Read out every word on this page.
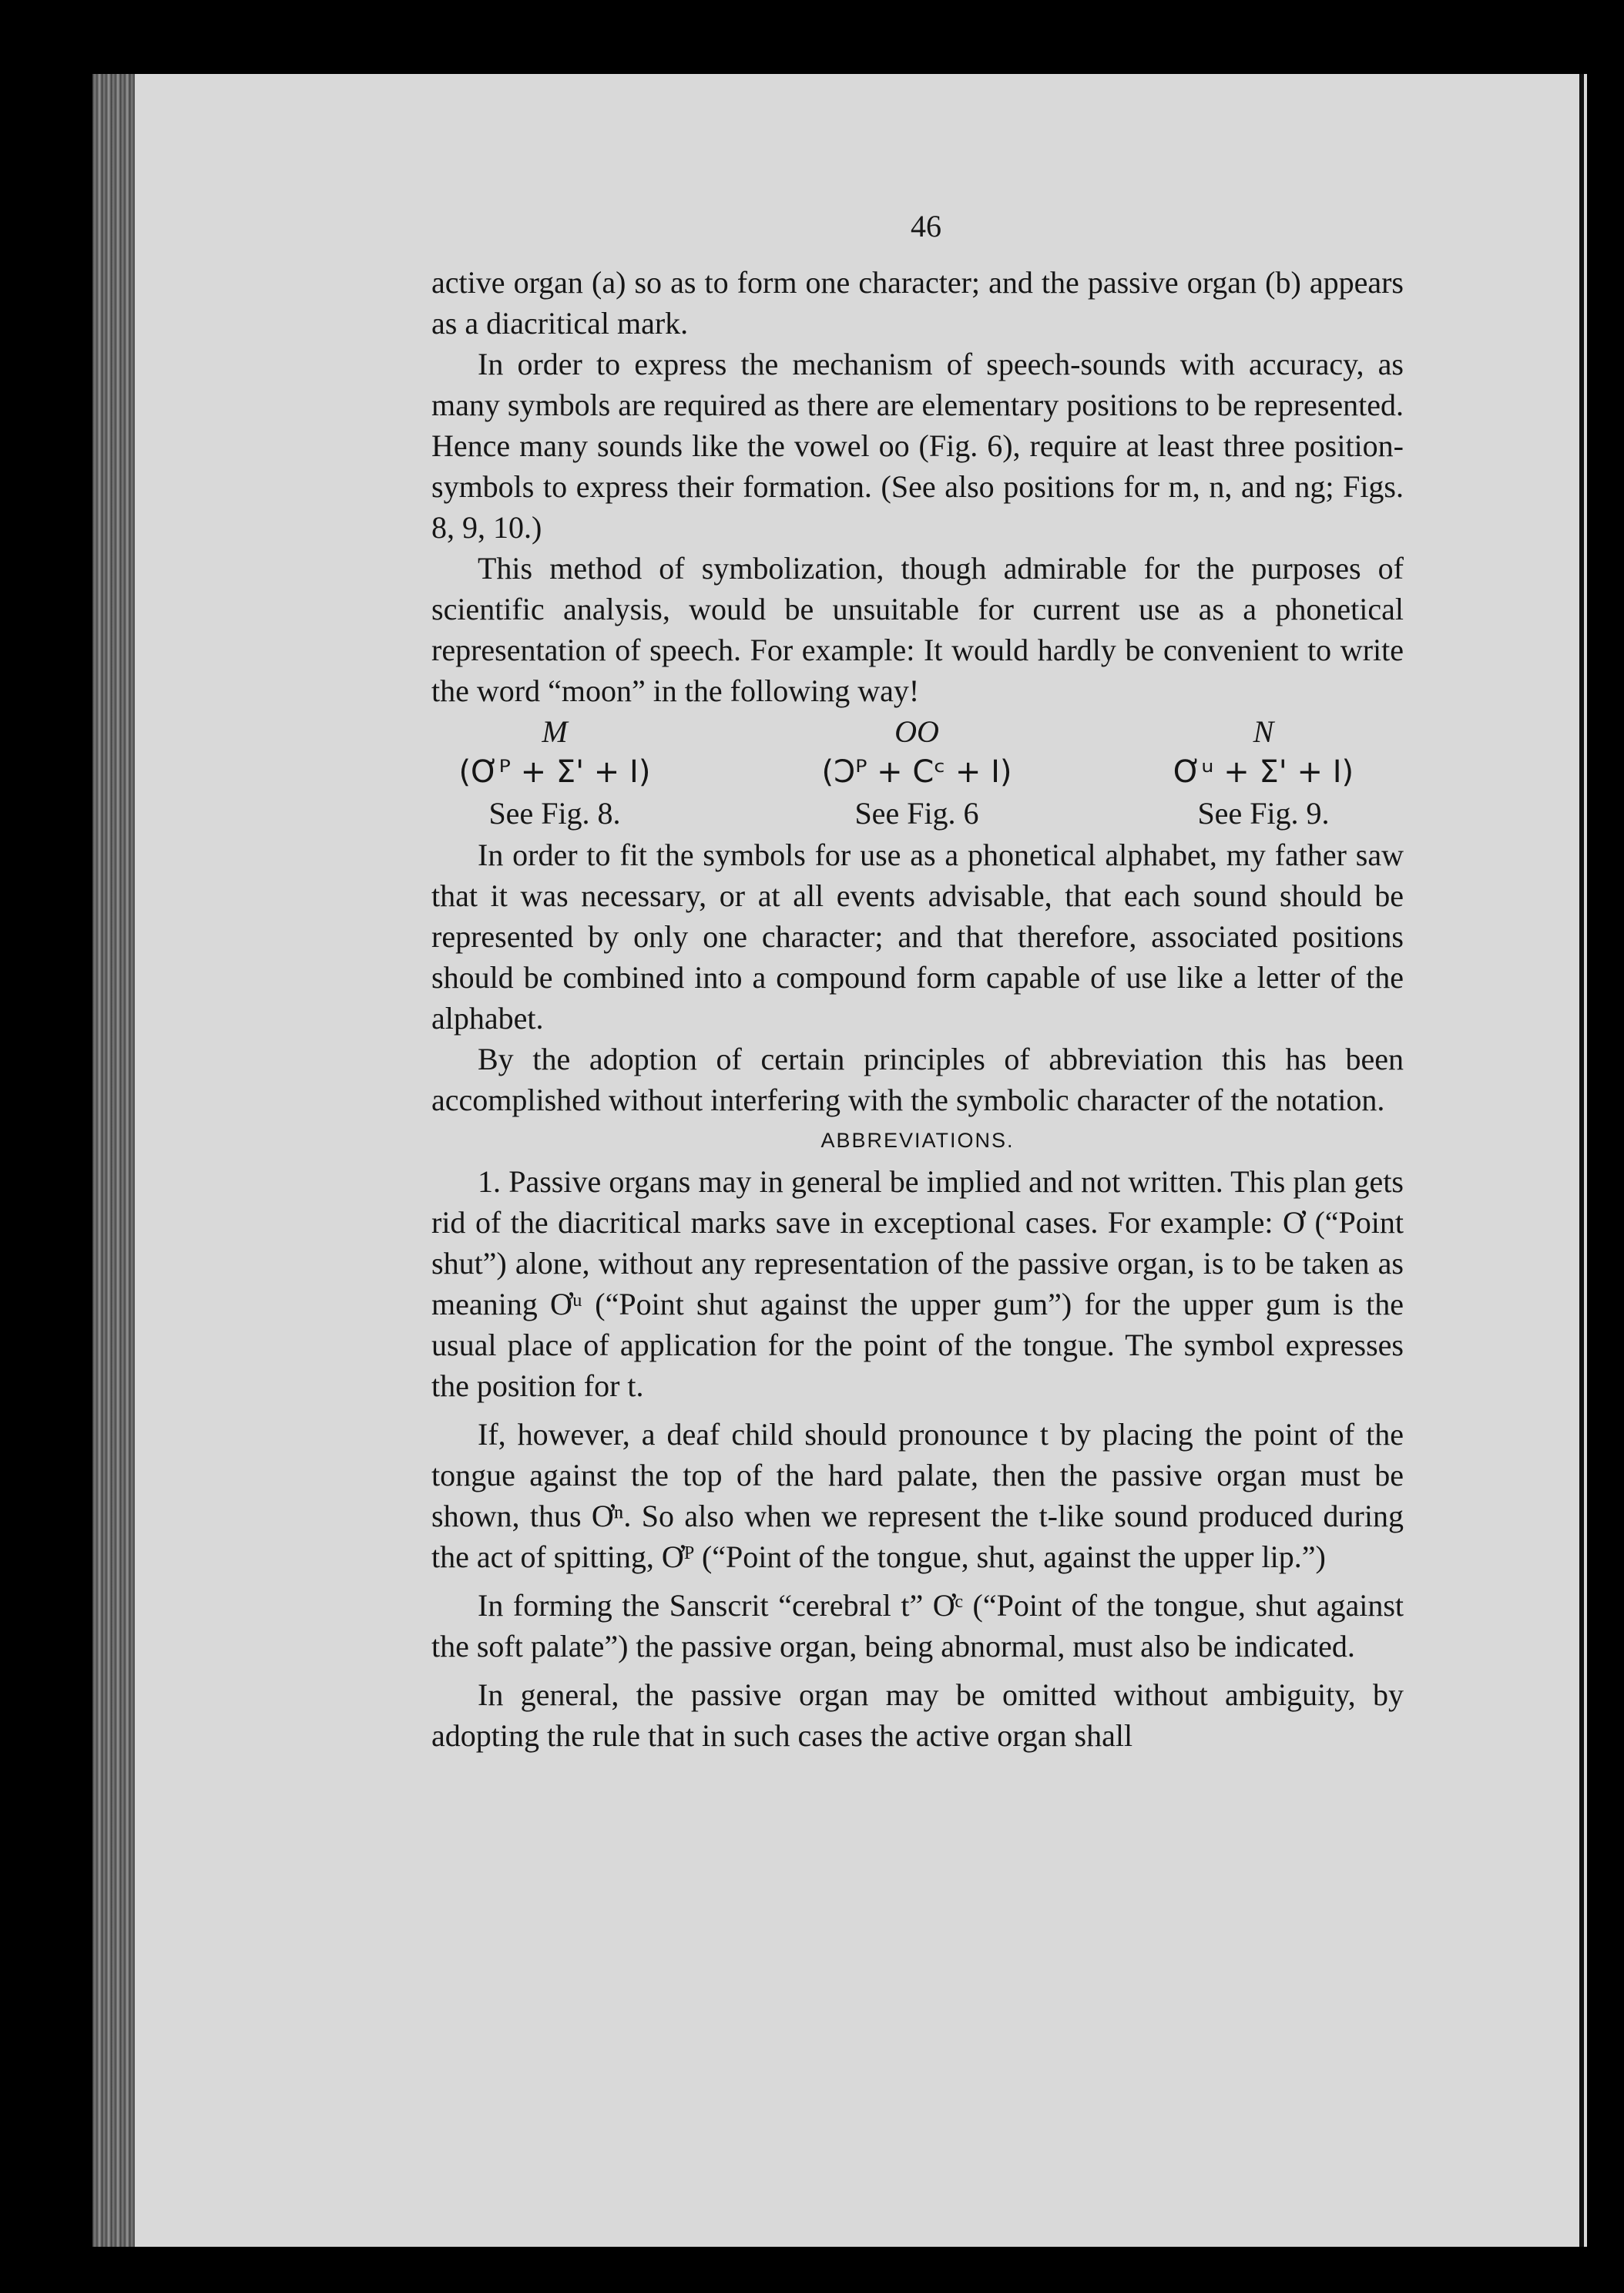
46

active organ (a) so as to form one character; and the passive organ (b) appears as a diacritical mark.

In order to express the mechanism of speech-sounds with accuracy, as many symbols are required as there are elementary positions to be represented. Hence many sounds like the vowel oo (Fig. 6), require at least three position-symbols to express their formation. (See also positions for m, n, and ng; Figs. 8, 9, 10.)

This method of symbolization, though admirable for the purposes of scientific analysis, would be unsuitable for current use as a phonetical representation of speech. For example: It would hardly be convenient to write the word “moon” in the following way!

M
(Ơᴾ + Σ' + I)
See Fig. 8.
OO
(Ɔᴾ + Cᶜ + I)
See Fig. 6
N
Ơᵘ + Σ' + I)
See Fig. 9.

In order to fit the symbols for use as a phonetical alphabet, my father saw that it was necessary, or at all events advisable, that each sound should be represented by only one character; and that therefore, associated positions should be combined into a compound form capable of use like a letter of the alphabet.

By the adoption of certain principles of abbreviation this has been accomplished without interfering with the symbolic character of the notation.

ABBREVIATIONS.

1. Passive organs may in general be implied and not written. This plan gets rid of the diacritical marks save in exceptional cases. For example: Ơ (“Point shut”) alone, without any representation of the passive organ, is to be taken as meaning Ơᵘ (“Point shut against the upper gum”) for the upper gum is the usual place of application for the point of the tongue. The symbol expresses the position for t.

If, however, a deaf child should pronounce t by placing the point of the tongue against the top of the hard palate, then the passive organ must be shown, thus Ơⁿ. So also when we represent the t-like sound produced during the act of spitting, Ơᴾ (“Point of the tongue, shut, against the upper lip.”)

In forming the Sanscrit “cerebral t” Ơᶜ (“Point of the tongue, shut against the soft palate”) the passive organ, being abnormal, must also be indicated.

In general, the passive organ may be omitted without ambiguity, by adopting the rule that in such cases the active organ shall
